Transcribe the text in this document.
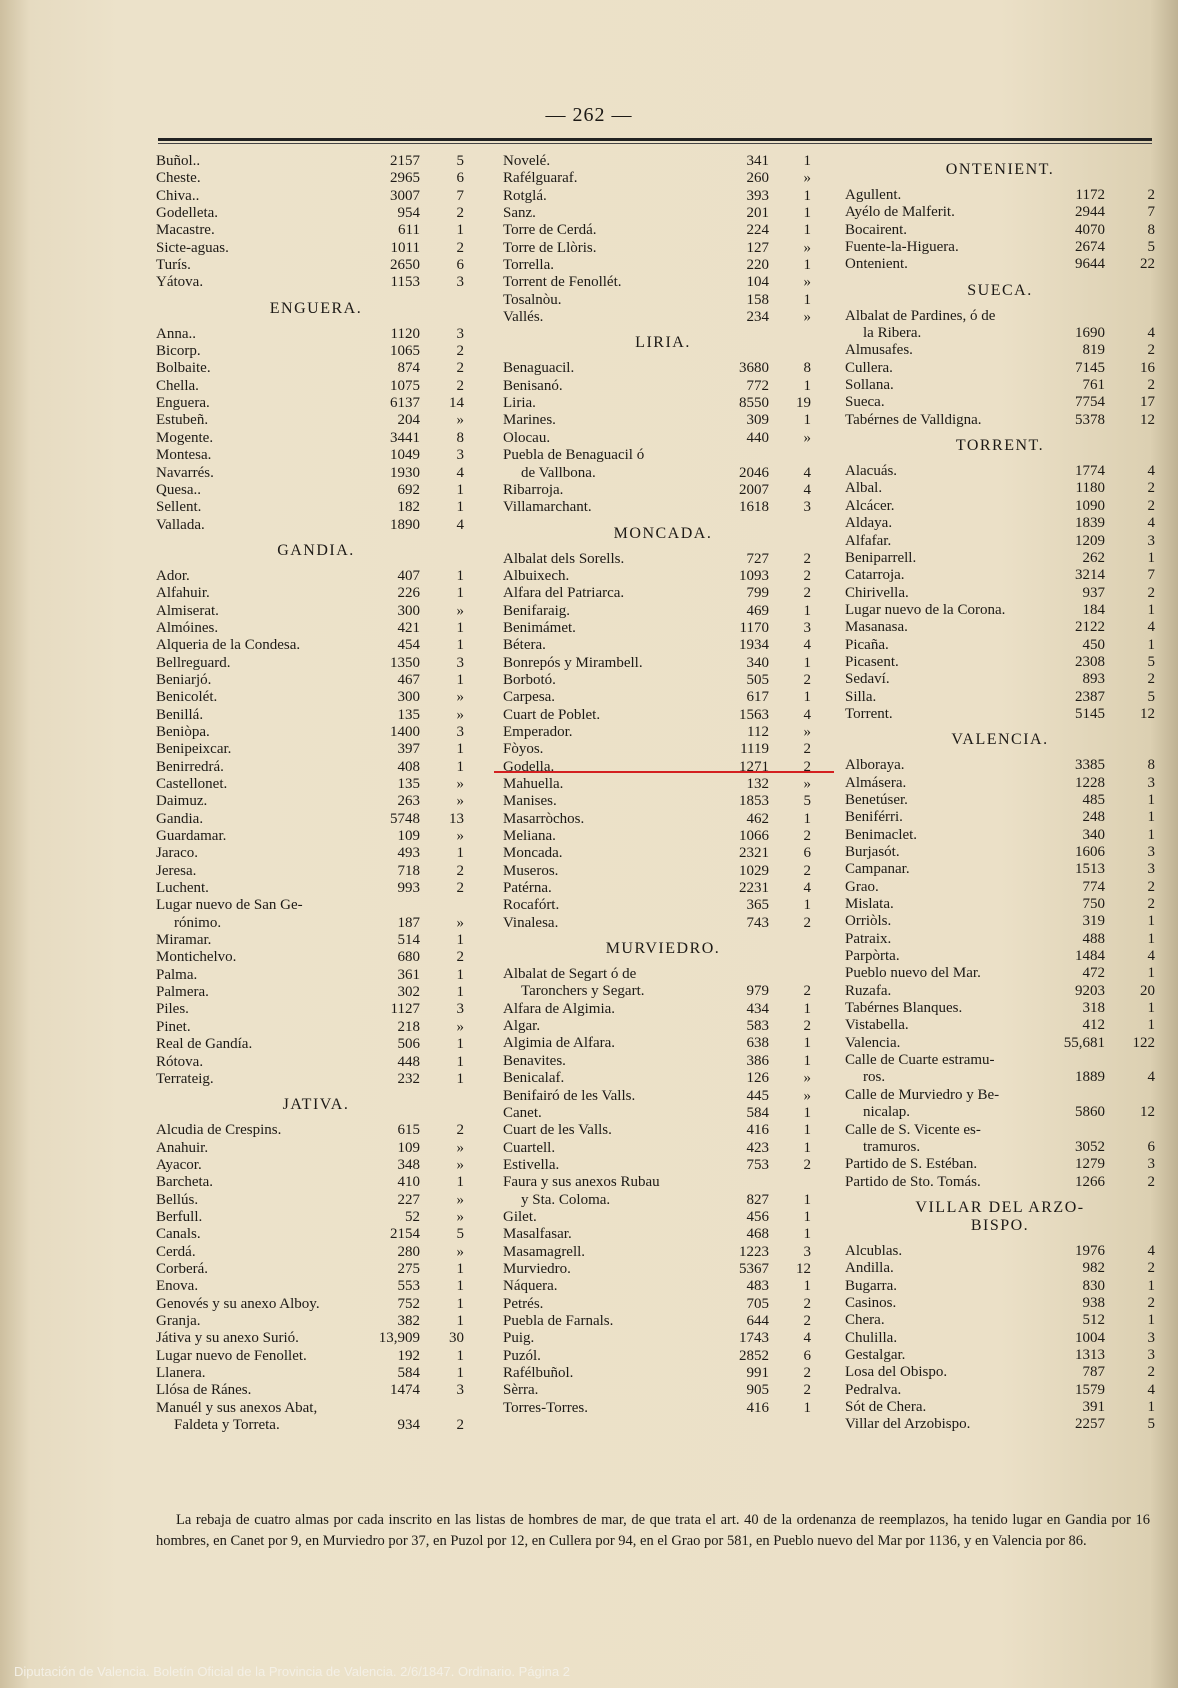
— 262 —
Buñol..	2157 5
Cheste.	2965 6
Chiva..	3007 7
Godelleta.	954 2
Macastre.	611 1
Sicte-aguas.	1011 2
Turís.	2650 6
Yátova.	1153 3
ENGUERA.
Anna..	1120 3
Bicorp.	1065 2
Bolbaite.	874 2
Chella.	1075 2
Enguera.	6137 14
Estubeñ.	204 »
Mogente.	3441 8
Montesa.	1049 3
Navarrés.	1930 4
Quesa..	692 1
Sellent.	182 1
Vallada.	1890 4
GANDIA.
Ador.	407 1
Alfahuir.	226 1
Almiserat.	300 »
Almóines.	421 1
Alqueria de la Condesa.	454 1
Bellreguard.	1350 3
Beniarjó.	467 1
Benicolét.	300 »
Benillá.	135 »
Beniòpa.	1400 3
Benipeixcar.	397 1
Benirredrá.	408 1
Castellonet.	135 »
Daimuz.	263 »
Gandia.	5748 13
Guardamar.	109 »
Jaraco.	493 1
Jeresa.	718 2
Luchent.	993 2
Lugar nuevo de San Ge-
rónimo.	187 »
Miramar.	514 1
Montichelvo.	680 2
Palma.	361 1
Palmera.	302 1
Piles.	1127 3
Pinet.	218 »
Real de Gandía.	506 1
Rótova.	448 1
Terrateig.	232 1
JATIVA.
Alcudia de Crespins.	615 2
Anahuir.	109 »
Ayacor.	348 »
Barcheta.	410 1
Bellús.	227 »
Berfull.	52 »
Canals.	2154 5
Cerdá.	280 »
Corberá.	275 1
Enova.	553 1
Genovés y su anexo Alboy.	752 1
Granja.	382 1
Játiva y su anexo Surió.	13,909 30
Lugar nuevo de Fenollet.	192 1
Llanera.	584 1
Llósa de Ránes.	1474 3
Manuél y sus anexos Abat,
Faldeta y Torreta.	934 2
Novelé.	341 1
Rafélguaraf.	260 »
Rotglá.	393 1
Sanz.	201 1
Torre de Cerdá.	224 1
Torre de Llòris.	127 »
Torrella.	220 1
Torrent de Fenollét.	104 »
Tosalnòu.	158 1
Vallés.	234 »
LIRIA.
Benaguacil.	3680 8
Benisanó.	772 1
Liria.	8550 19
Marines.	309 1
Olocau.	440 »
Puebla de Benaguacil ó
de Vallbona.	2046 4
Ribarroja.	2007 4
Villamarchant.	1618 3
MONCADA.
Albalat dels Sorells.	727 2
Albuixech.	1093 2
Alfara del Patriarca.	799 2
Benifaraig.	469 1
Benimámet.	1170 3
Bétera.	1934 4
Bonrepós y Mirambell.	340 1
Borbotó.	505 2
Carpesa.	617 1
Cuart de Poblet.	1563 4
Emperador.	112 »
Fòyos.	1119 2
Godella.	1271 2
Mahuella.	132 »
Manises.	1853 5
Masarròchos.	462 1
Meliana.	1066 2
Moncada.	2321 6
Museros.	1029 2
Patérna.	2231 4
Rocafórt.	365 1
Vinalesa.	743 2
MURVIEDRO.
Albalat de Segart ó de
Taronchers y Segart.	979 2
Alfara de Algimia.	434 1
Algar.	583 2
Algimia de Alfara.	638 1
Benavites.	386 1
Benicalaf.	126 »
Benifairó de les Valls.	445 »
Canet.	584 1
Cuart de les Valls.	416 1
Cuartell.	423 1
Estivella.	753 2
Faura y sus anexos Rubau
y Sta. Coloma.	827 1
Gilet.	456 1
Masalfasar.	468 1
Masamagrell.	1223 3
Murviedro.	5367 12
Náquera.	483 1
Petrés.	705 2
Puebla de Farnals.	644 2
Puig.	1743 4
Puzól.	2852 6
Rafélbuñol.	991 2
Sèrra.	905 2
Torres-Torres.	416 1
ONTENIENT.
Agullent.	1172	2
Ayélo de Malferit.	2944	7
Bocairent.	4070	8
Fuente-la-Higuera.	2674	5
Ontenient.	9644 22
SUECA.
Albalat de Pardines, ó de
la Ribera.	1690	4
Almusafes.	819	2
Cullera.	7145 16
Sollana.	761	2
Sueca.	7754 17
Tabérnes de Valldigna.	5378 12
TORRENT.
Alacuás.	1774	4
Albal.	1180	2
Alcácer.	1090	2
Aldaya.	1839	4
Alfafar.	1209	3
Beniparrell.	262	1
Catarroja.	3214	7
Chirivella.	937	2
Lugar nuevo de la Corona.	184	1
Masanasa.	2122	4
Picaña.	450	1
Picasent.	2308	5
Sedaví.	893	2
Silla.	2387	5
Torrent.	5145 12
VALENCIA.
Alboraya.	3385	8
Almásera.	1228	3
Benetúser.	485	1
Beniférri.	248	1
Benimaclet.	340	1
Burjasót.	1606	3
Campanar.	1513	3
Grao.	774	2
Mislata.	750	2
Orriòls.	319	1
Patraix.	488	1
Parpòrta.	1484	4
Pueblo nuevo del Mar.	472	1
Ruzafa.	9203 20
Tabérnes Blanques.	318	1
Vistabella.	412	1
Valencia.	55,681 122
Calle de Cuarte estramu-
ros.	1889	4
Calle de Murviedro y Be-
nicalap.	5860 12
Calle de S. Vicente es-
tramuros.	3052	6
Partido de S. Estéban.	1279	3
Partido de Sto. Tomás.	1266	2
VILLAR DEL ARZO-
BISPO.
Alcublas.	1976	4
Andilla.	982	2
Bugarra.	830	1
Casinos.	938	2
Chera.	512	1
Chulilla.	1004	3
Gestalgar.	1313	3
Losa del Obispo.	787	2
Pedralva.	1579	4
Sót de Chera.	391	1
Villar del Arzobispo.	2257	5
La rebaja de cuatro almas por cada inscrito en las listas de hombres de mar, de que trata el art. 40 de la ordenanza de reemplazos, ha tenido lugar en Gandia por 16 hombres, en Canet por 9, en Murviedro por 37, en Puzol por 12, en Cullera por 94, en el Grao por 581, en Pueblo nuevo del Mar por 1136, y en Valencia por 86.
Diputación de Valencia. Boletín Oficial de la Provincia de Valencia. 2/6/1847. Ordinario. Página 2
